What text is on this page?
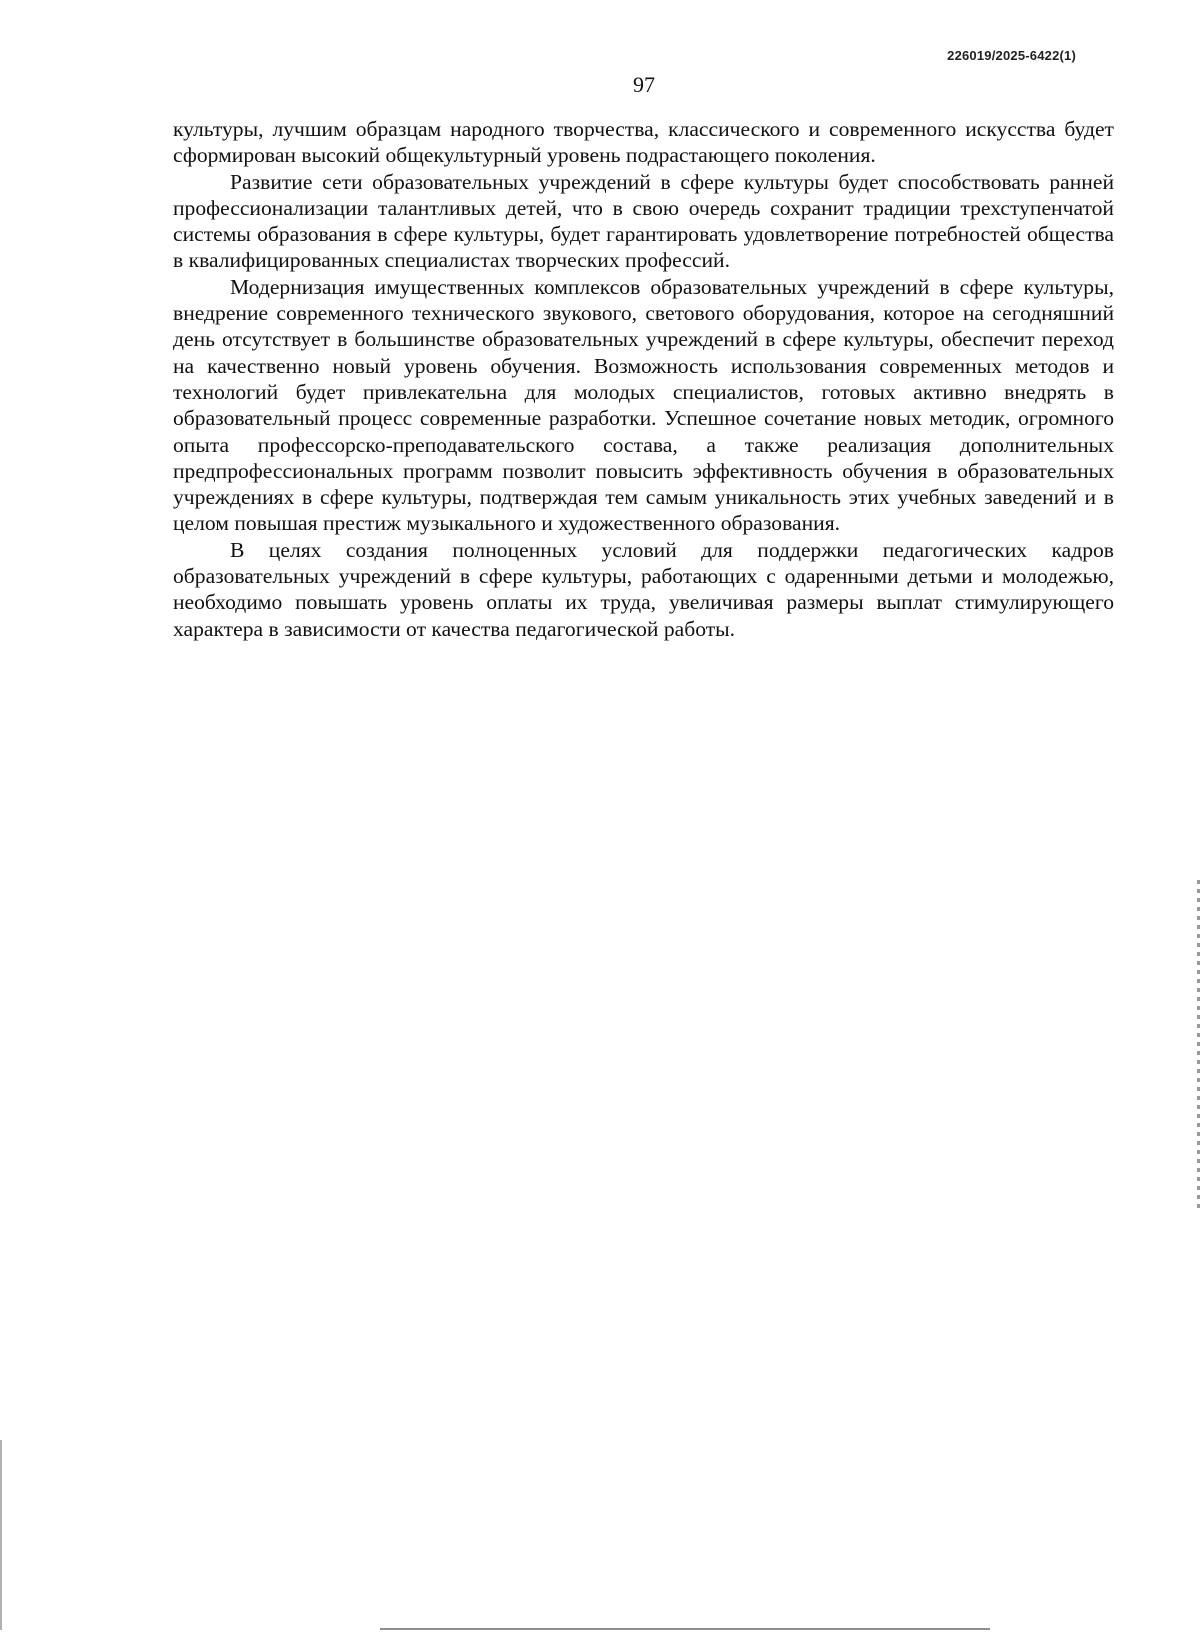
226019/2025-6422(1)
97

культуры, лучшим образцам народного творчества, классического и современного искусства будет сформирован высокий общекультурный уровень подрастающего поколения.

Развитие сети образовательных учреждений в сфере культуры будет способствовать ранней профессионализации талантливых детей, что в свою очередь сохранит традиции трехступенчатой системы образования в сфере культуры, будет гарантировать удовлетворение потребностей общества в квалифицированных специалистах творческих профессий.

Модернизация имущественных комплексов образовательных учреждений в сфере культуры, внедрение современного технического звукового, светового оборудования, которое на сегодняшний день отсутствует в большинстве образовательных учреждений в сфере культуры, обеспечит переход на качественно новый уровень обучения. Возможность использования современных методов и технологий будет привлекательна для молодых специалистов, готовых активно внедрять в образовательный процесс современные разработки. Успешное сочетание новых методик, огромного опыта профессорско-преподавательского состава, а также реализация дополнительных предпрофессиональных программ позволит повысить эффективность обучения в образовательных учреждениях в сфере культуры, подтверждая тем самым уникальность этих учебных заведений и в целом повышая престиж музыкального и художественного образования.

В целях создания полноценных условий для поддержки педагогических кадров образовательных учреждений в сфере культуры, работающих с одаренными детьми и молодежью, необходимо повышать уровень оплаты их труда, увеличивая размеры выплат стимулирующего характера в зависимости от качества педагогической работы.
